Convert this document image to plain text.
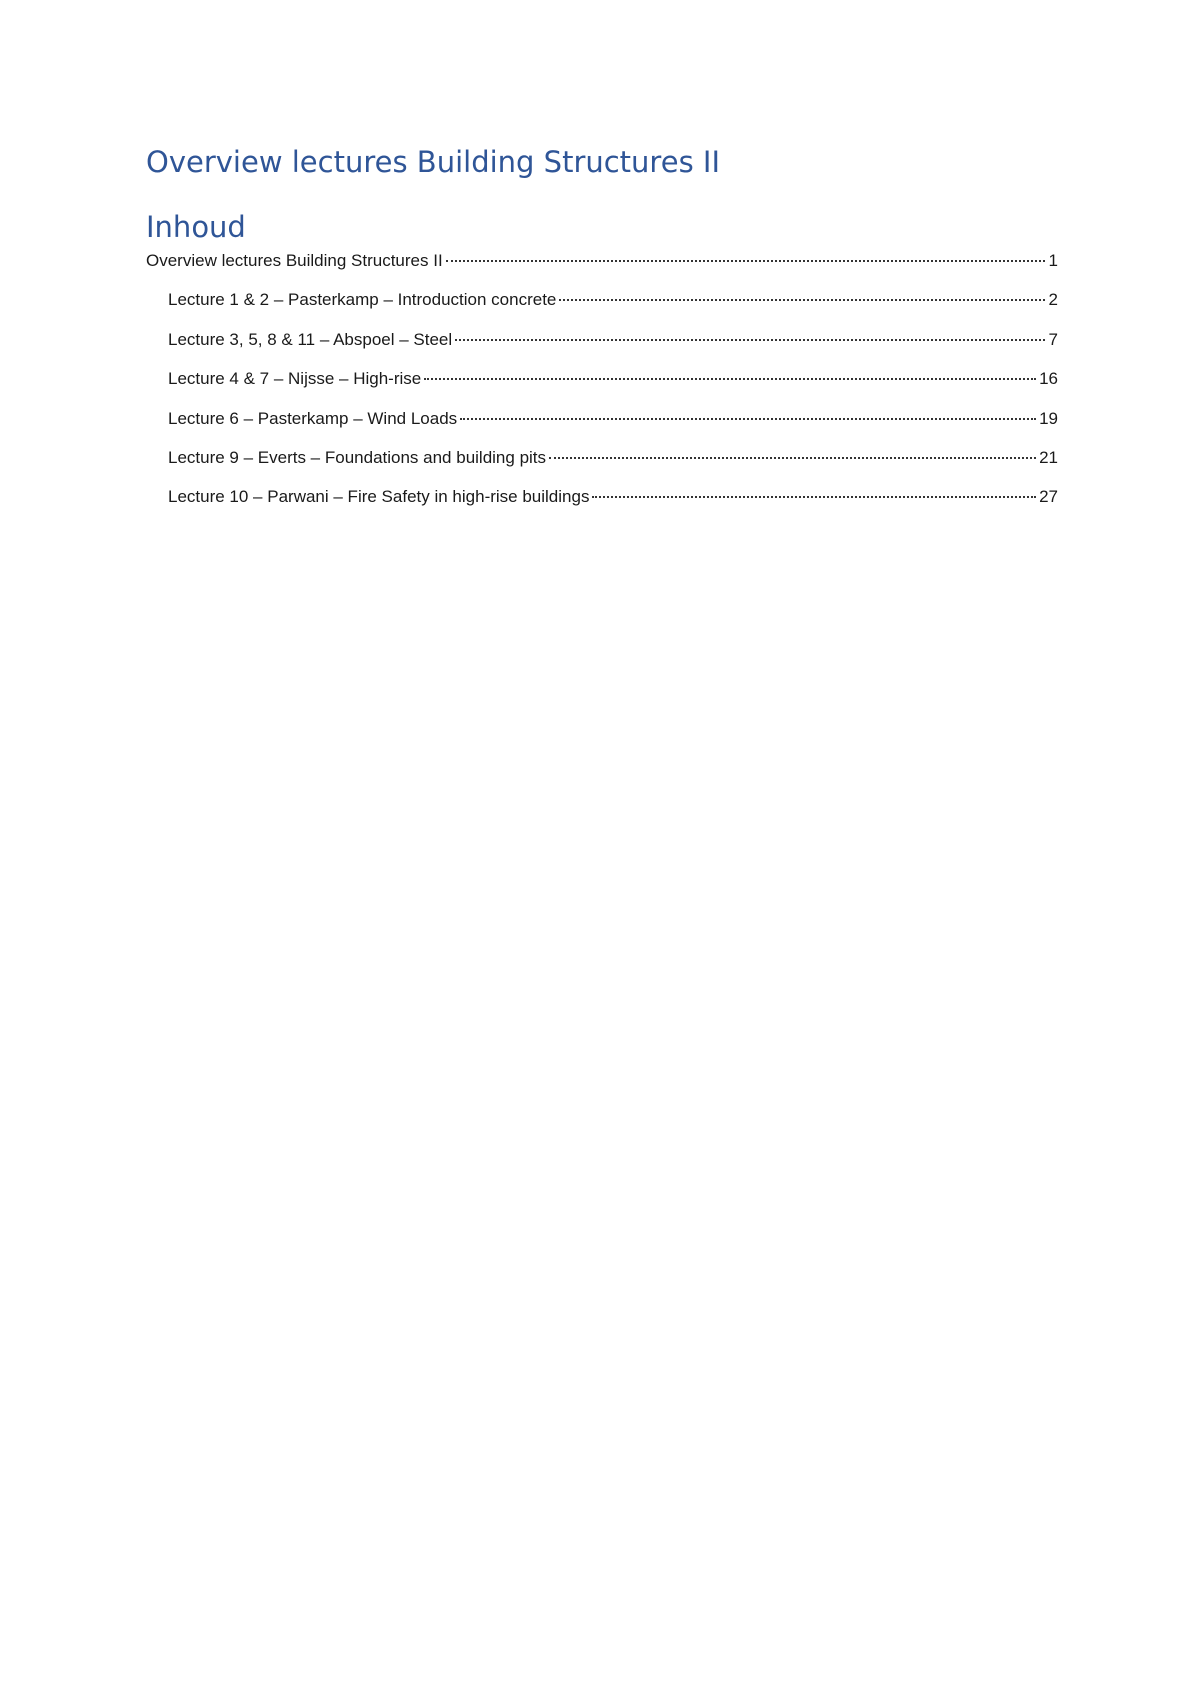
Overview lectures Building Structures II
Inhoud
Overview lectures Building Structures II	1
Lecture 1 & 2 – Pasterkamp – Introduction concrete	2
Lecture 3, 5, 8 & 11 – Abspoel – Steel	7
Lecture 4 & 7 – Nijsse – High-rise	16
Lecture 6 – Pasterkamp – Wind Loads	19
Lecture 9 – Everts – Foundations and building pits	21
Lecture 10 – Parwani – Fire Safety in high-rise buildings	27
